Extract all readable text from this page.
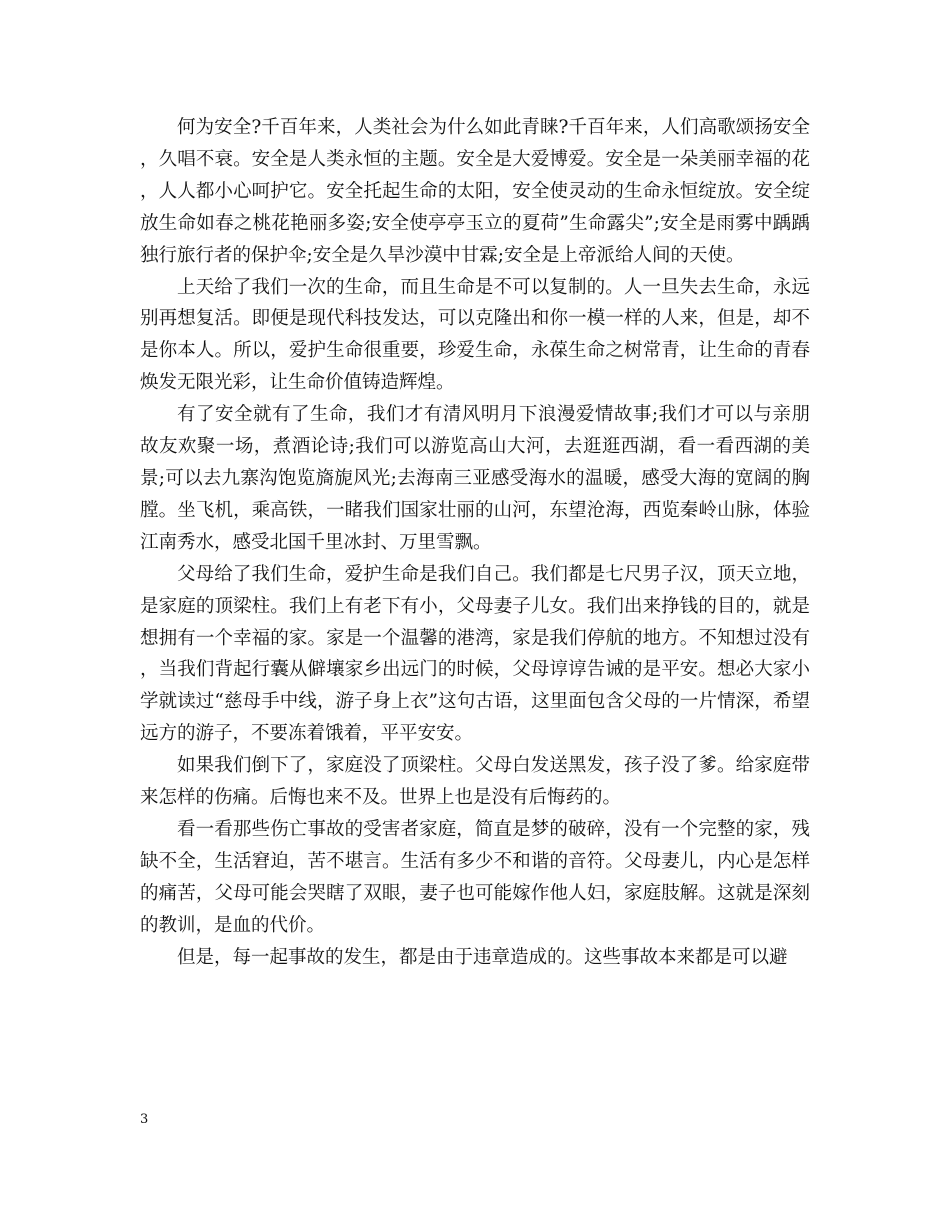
何为安全?千百年来，人类社会为什么如此青睐?千百年来，人们高歌颂扬安全，久唱不衰。安全是人类永恒的主题。安全是大爱博爱。安全是一朵美丽幸福的花，人人都小心呵护它。安全托起生命的太阳，安全使灵动的生命永恒绽放。安全绽放生命如春之桃花艳丽多姿;安全使亭亭玉立的夏荷”生命露尖”;安全是雨雾中踽踽独行旅行者的保护伞;安全是久旱沙漠中甘霖;安全是上帝派给人间的天使。

上天给了我们一次的生命，而且生命是不可以复制的。人一旦失去生命，永远别再想复活。即便是现代科技发达，可以克隆出和你一模一样的人来，但是，却不是你本人。所以，爱护生命很重要，珍爱生命，永葆生命之树常青，让生命的青春焕发无限光彩，让生命价值铸造辉煌。

有了安全就有了生命，我们才有清风明月下浪漫爱情故事;我们才可以与亲朋故友欢聚一场，煮酒论诗;我们可以游览高山大河，去逛逛西湖，看一看西湖的美景;可以去九寨沟饱览旖旎风光;去海南三亚感受海水的温暖，感受大海的宽阔的胸膛。坐飞机，乘高铁，一睹我们国家壮丽的山河，东望沧海，西览秦岭山脉，体验江南秀水，感受北国千里冰封、万里雪飘。

父母给了我们生命，爱护生命是我们自己。我们都是七尺男子汉，顶天立地，是家庭的顶梁柱。我们上有老下有小，父母妻子儿女。我们出来挣钱的目的，就是想拥有一个幸福的家。家是一个温馨的港湾，家是我们停航的地方。不知想过没有，当我们背起行囊从僻壤家乡出远门的时候，父母谆谆告诫的是平安。想必大家小学就读过“慈母手中线，游子身上衣”这句古语，这里面包含父母的一片情深，希望远方的游子，不要冻着饿着，平平安安。

如果我们倒下了，家庭没了顶梁柱。父母白发送黑发，孩子没了爹。给家庭带来怎样的伤痛。后悔也来不及。世界上也是没有后悔药的。

看一看那些伤亡事故的受害者家庭，简直是梦的破碎，没有一个完整的家，残缺不全，生活窘迫，苦不堪言。生活有多少不和谐的音符。父母妻儿，内心是怎样的痛苦，父母可能会哭瞎了双眼，妻子也可能嫁作他人妇，家庭肢解。这就是深刻的教训，是血的代价。

但是，每一起事故的发生，都是由于违章造成的。这些事故本来都是可以避

3
